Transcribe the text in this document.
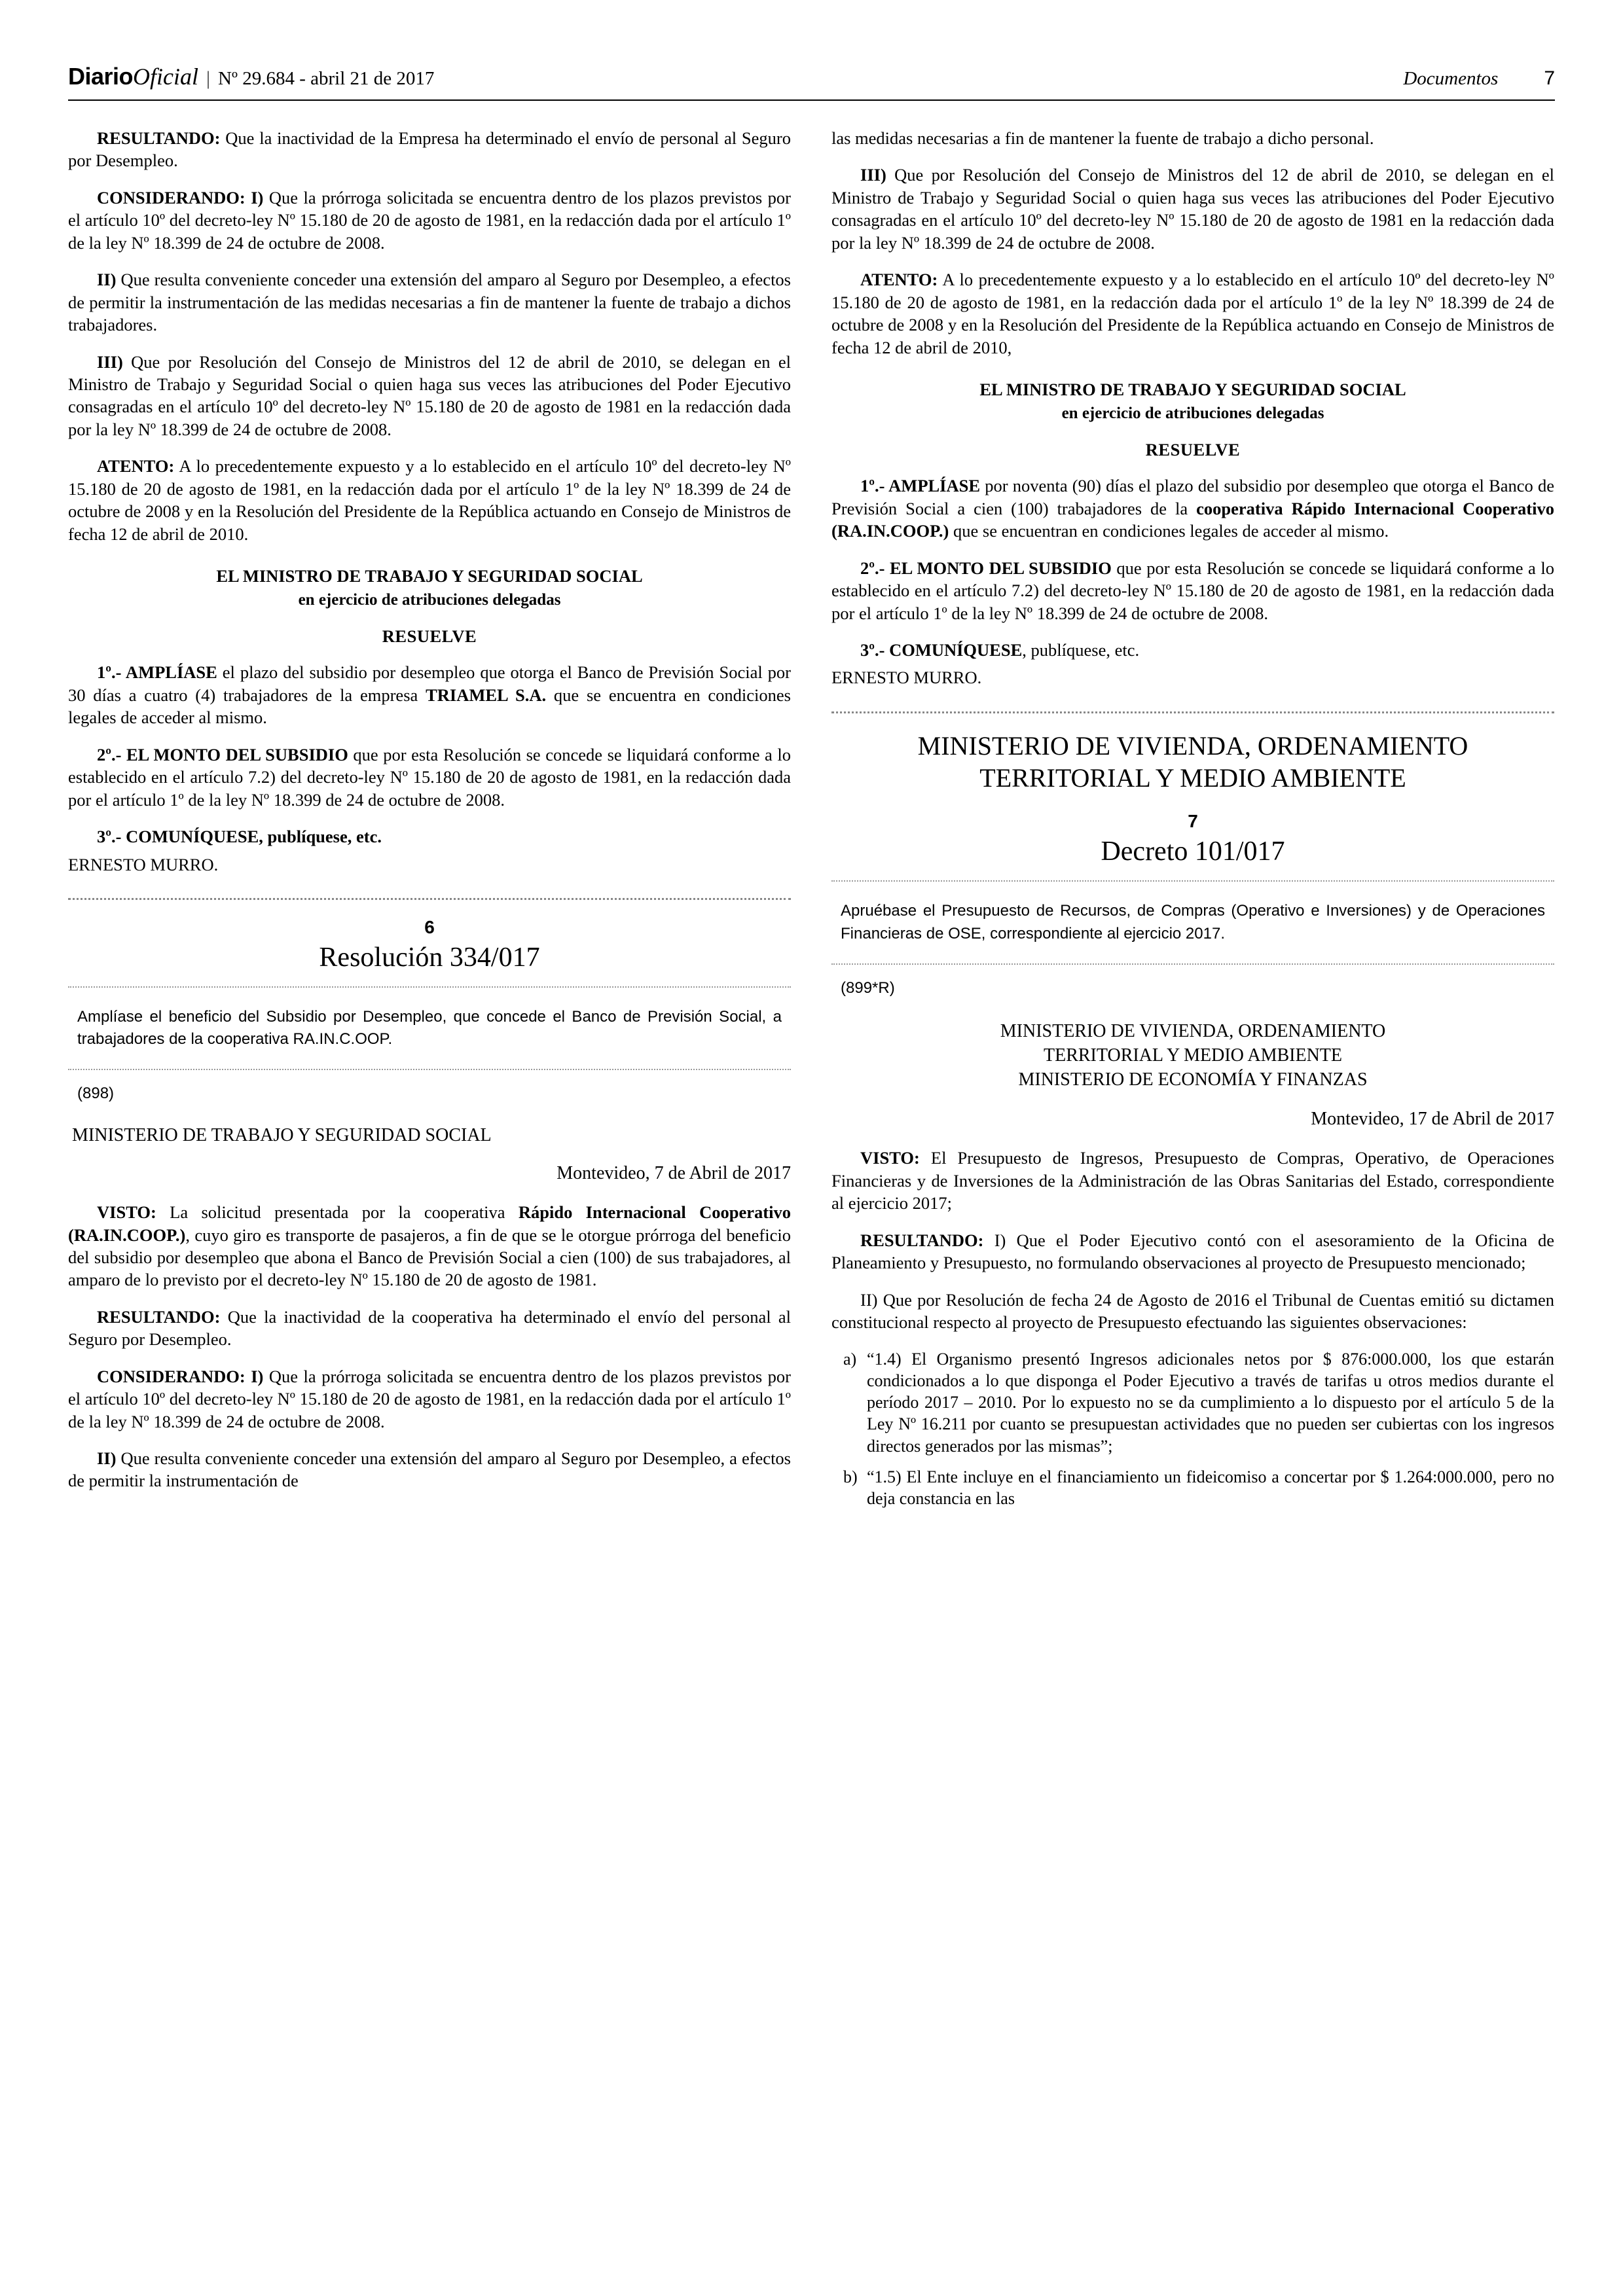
Diario Oficial | Nº 29.684 - abril 21 de 2017	Documentos 7

RESULTANDO: Que la inactividad de la Empresa ha determinado el envío de personal al Seguro por Desempleo.

CONSIDERANDO: I) Que la prórroga solicitada se encuentra dentro de los plazos previstos por el artículo 10º del decreto-ley Nº 15.180 de 20 de agosto de 1981, en la redacción dada por el artículo 1º de la ley Nº 18.399 de 24 de octubre de 2008.

II) Que resulta conveniente conceder una extensión del amparo al Seguro por Desempleo, a efectos de permitir la instrumentación de las medidas necesarias a fin de mantener la fuente de trabajo a dichos trabajadores.

III) Que por Resolución del Consejo de Ministros del 12 de abril de 2010, se delegan en el Ministro de Trabajo y Seguridad Social o quien haga sus veces las atribuciones del Poder Ejecutivo consagradas en el artículo 10º del decreto-ley Nº 15.180 de 20 de agosto de 1981 en la redacción dada por la ley Nº 18.399 de 24 de octubre de 2008.

ATENTO: A lo precedentemente expuesto y a lo establecido en el artículo 10º del decreto-ley Nº 15.180 de 20 de agosto de 1981, en la redacción dada por el artículo 1º de la ley Nº 18.399 de 24 de octubre de 2008 y en la Resolución del Presidente de la República actuando en Consejo de Ministros de fecha 12 de abril de 2010.

EL MINISTRO DE TRABAJO Y SEGURIDAD SOCIAL
en ejercicio de atribuciones delegadas
RESUELVE

1º.- AMPLÍASE el plazo del subsidio por desempleo que otorga el Banco de Previsión Social por 30 días a cuatro (4) trabajadores de la empresa TRIAMEL S.A. que se encuentra en condiciones legales de acceder al mismo.

2º.- EL MONTO DEL SUBSIDIO que por esta Resolución se concede se liquidará conforme a lo establecido en el artículo 7.2) del decreto-ley Nº 15.180 de 20 de agosto de 1981, en la redacción dada por el artículo 1º de la ley Nº 18.399 de 24 de octubre de 2008.

3º.- COMUNÍQUESE, publíquese, etc.

ERNESTO MURRO.

6
Resolución 334/017
Amplíase el beneficio del Subsidio por Desempleo, que concede el Banco de Previsión Social, a trabajadores de la cooperativa RA.IN.C.OOP.
(898)
MINISTERIO DE TRABAJO Y SEGURIDAD SOCIAL
Montevideo, 7 de Abril de 2017

VISTO: La solicitud presentada por la cooperativa Rápido Internacional Cooperativo (RA.IN.COOP.), cuyo giro es transporte de pasajeros, a fin de que se le otorgue prórroga del beneficio del subsidio por desempleo que abona el Banco de Previsión Social a cien (100) de sus trabajadores, al amparo de lo previsto por el decreto-ley Nº 15.180 de 20 de agosto de 1981.

RESULTANDO: Que la inactividad de la cooperativa ha determinado el envío del personal al Seguro por Desempleo.

CONSIDERANDO: I) Que la prórroga solicitada se encuentra dentro de los plazos previstos por el artículo 10º del decreto-ley Nº 15.180 de 20 de agosto de 1981, en la redacción dada por el artículo 1º de la ley Nº 18.399 de 24 de octubre de 2008.

II) Que resulta conveniente conceder una extensión del amparo al Seguro por Desempleo, a efectos de permitir la instrumentación de

las medidas necesarias a fin de mantener la fuente de trabajo a dicho personal.

III) Que por Resolución del Consejo de Ministros del 12 de abril de 2010, se delegan en el Ministro de Trabajo y Seguridad Social o quien haga sus veces las atribuciones del Poder Ejecutivo consagradas en el artículo 10º del decreto-ley Nº 15.180 de 20 de agosto de 1981 en la redacción dada por la ley Nº 18.399 de 24 de octubre de 2008.

ATENTO: A lo precedentemente expuesto y a lo establecido en el artículo 10º del decreto-ley Nº 15.180 de 20 de agosto de 1981, en la redacción dada por el artículo 1º de la ley Nº 18.399 de 24 de octubre de 2008 y en la Resolución del Presidente de la República actuando en Consejo de Ministros de fecha 12 de abril de 2010,

EL MINISTRO DE TRABAJO Y SEGURIDAD SOCIAL
en ejercicio de atribuciones delegadas
RESUELVE

1º.- AMPLÍASE por noventa (90) días el plazo del subsidio por desempleo que otorga el Banco de Previsión Social a cien (100) trabajadores de la cooperativa Rápido Internacional Cooperativo (RA.IN.COOP.) que se encuentran en condiciones legales de acceder al mismo.

2º.- EL MONTO DEL SUBSIDIO que por esta Resolución se concede se liquidará conforme a lo establecido en el artículo 7.2) del decreto-ley Nº 15.180 de 20 de agosto de 1981, en la redacción dada por el artículo 1º de la ley Nº 18.399 de 24 de octubre de 2008.

3º.- COMUNÍQUESE, publíquese, etc.

ERNESTO MURRO.

MINISTERIO DE VIVIENDA, ORDENAMIENTO TERRITORIAL Y MEDIO AMBIENTE
7
Decreto 101/017
Apruébase el Presupuesto de Recursos, de Compras (Operativo e Inversiones) y de Operaciones Financieras de OSE, correspondiente al ejercicio 2017.
(899*R)
MINISTERIO DE VIVIENDA, ORDENAMIENTO
TERRITORIAL Y MEDIO AMBIENTE
MINISTERIO DE ECONOMÍA Y FINANZAS
Montevideo, 17 de Abril de 2017

VISTO: El Presupuesto de Ingresos, Presupuesto de Compras, Operativo, de Operaciones Financieras y de Inversiones de la Administración de las Obras Sanitarias del Estado, correspondiente al ejercicio 2017;

RESULTANDO: I) Que el Poder Ejecutivo contó con el asesoramiento de la Oficina de Planeamiento y Presupuesto, no formulando observaciones al proyecto de Presupuesto mencionado;

II) Que por Resolución de fecha 24 de Agosto de 2016 el Tribunal de Cuentas emitió su dictamen constitucional respecto al proyecto de Presupuesto efectuando las siguientes observaciones:

a) “1.4) El Organismo presentó Ingresos adicionales netos por $ 876:000.000, los que estarán condicionados a lo que disponga el Poder Ejecutivo a través de tarifas u otros medios durante el período 2017 – 2010. Por lo expuesto no se da cumplimiento a lo dispuesto por el artículo 5 de la Ley Nº 16.211 por cuanto se presupuestan actividades que no pueden ser cubiertas con los ingresos directos generados por las mismas”;
b) “1.5) El Ente incluye en el financiamiento un fideicomiso a concertar por $ 1.264:000.000, pero no deja constancia en las
